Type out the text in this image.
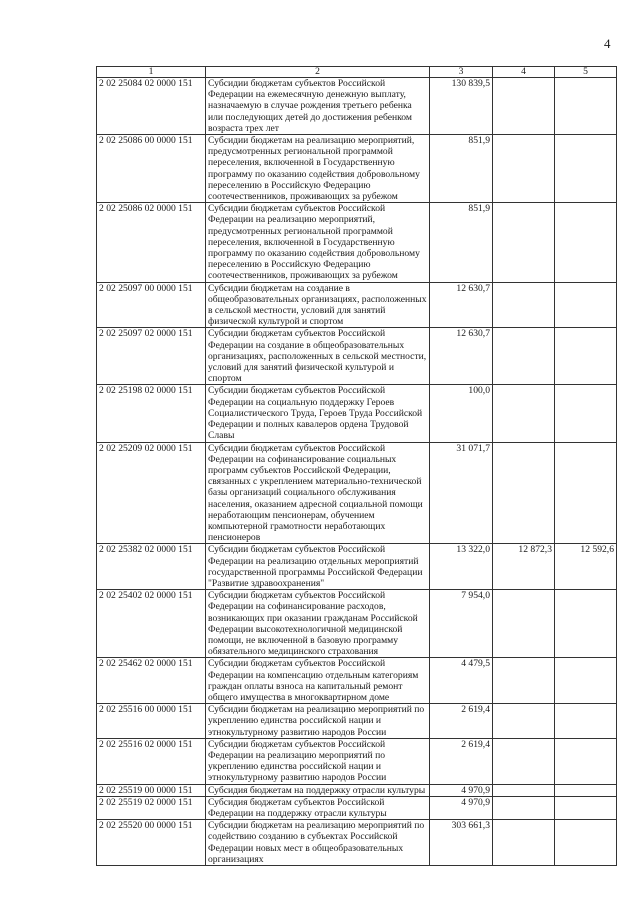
4
1	2	3	4	5
2 02 25084 02 0000 151	Субсидии бюджетам субъектов Российской Федерации на ежемесячную денежную выплату, назначаемую в случае рождения третьего ребенка или последующих детей до достижения ребенком возраста трех лет	130 839,5		
2 02 25086 00 0000 151	Субсидии бюджетам на реализацию мероприятий, предусмотренных региональной программой переселения, включенной в Государственную программу по оказанию содействия добровольному переселению в Российскую Федерацию соотечественников, проживающих за рубежом	851,9		
2 02 25086 02 0000 151	Субсидии бюджетам субъектов Российской Федерации на реализацию мероприятий, предусмотренных региональной программой переселения, включенной в Государственную программу по оказанию содействия добровольному переселению в Российскую Федерацию соотечественников, проживающих за рубежом	851,9		
2 02 25097 00 0000 151	Субсидии бюджетам на создание в общеобразовательных организациях, расположенных в сельской местности, условий для занятий физической культурой и спортом	12 630,7		
2 02 25097 02 0000 151	Субсидии бюджетам субъектов Российской Федерации на создание в общеобразовательных организациях, расположенных в сельской местности, условий для занятий физической культурой и спортом	12 630,7		
2 02 25198 02 0000 151	Субсидии бюджетам субъектов Российской Федерации на социальную поддержку Героев Социалистического Труда, Героев Труда Российской Федерации и полных кавалеров ордена Трудовой Славы	100,0		
2 02 25209 02 0000 151	Субсидии бюджетам субъектов Российской Федерации на софинансирование социальных программ субъектов Российской Федерации, связанных с укреплением материально-технической базы организаций социального обслуживания населения, оказанием адресной социальной помощи неработающим пенсионерам, обучением компьютерной грамотности неработающих пенсионеров	31 071,7		
2 02 25382 02 0000 151	Субсидии бюджетам субъектов Российской Федерации на реализацию отдельных мероприятий государственной программы Российской Федерации "Развитие здравоохранения"	13 322,0	12 872,3	12 592,6
2 02 25402 02 0000 151	Субсидии бюджетам субъектов Российской Федерации на софинансирование расходов, возникающих при оказании гражданам Российской Федерации высокотехнологичной медицинской помощи, не включенной в базовую программу обязательного медицинского страхования	7 954,0		
2 02 25462 02 0000 151	Субсидии бюджетам субъектов Российской Федерации на компенсацию отдельным категориям граждан оплаты взноса на капитальный ремонт общего имущества в многоквартирном доме	4 479,5		
2 02 25516 00 0000 151	Субсидии бюджетам на реализацию мероприятий по укреплению единства российской нации и этнокультурному развитию народов России	2 619,4		
2 02 25516 02 0000 151	Субсидии бюджетам субъектов Российской Федерации на реализацию мероприятий по укреплению единства российской нации и этнокультурному развитию народов России	2 619,4		
2 02 25519 00 0000 151	Субсидия бюджетам на поддержку отрасли культуры	4 970,9		
2 02 25519 02 0000 151	Субсидия бюджетам субъектов Российской Федерации на поддержку отрасли культуры	4 970,9		
2 02 25520 00 0000 151	Субсидии бюджетам на реализацию мероприятий по содействию созданию в субъектах Российской Федерации новых мест в общеобразовательных организациях	303 661,3		
